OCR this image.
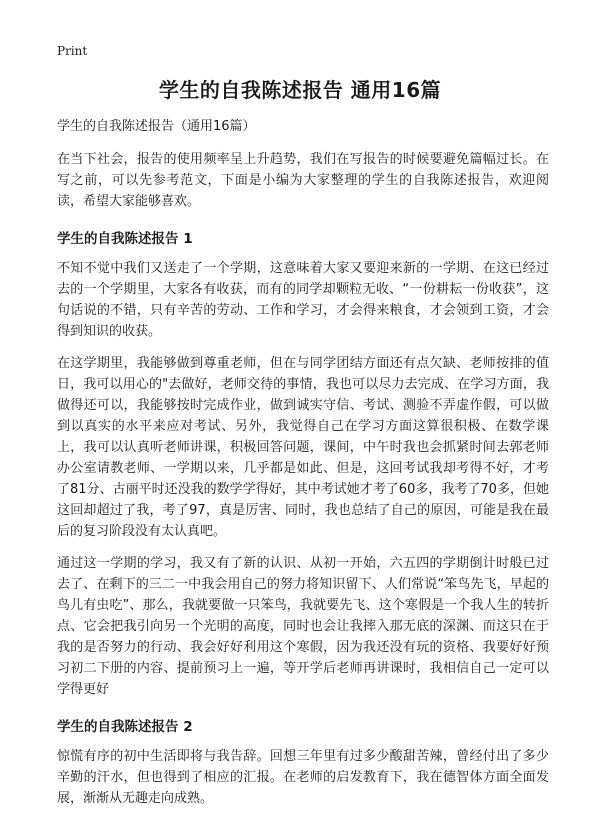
Print
学生的自我陈述报告 通用16篇
学生的自我陈述报告（通用16篇）

在当下社会，报告的使用频率呈上升趋势，我们在写报告的时候要避免篇幅过长。在写之前，可以先参考范文，下面是小编为大家整理的学生的自我陈述报告，欢迎阅读，希望大家能够喜欢。

学生的自我陈述报告 1

不知不觉中我们又送走了一个学期，这意味着大家又要迎来新的一学期、在这已经过去的一个学期里，大家各有收获，而有的同学却颗粒无收、“一份耕耘一份收获”，这句话说的不错，只有辛苦的劳动、工作和学习，才会得来粮食，才会领到工资，才会得到知识的收获。

在这学期里，我能够做到尊重老师，但在与同学团结方面还有点欠缺、老师按排的值日，我可以用心的"去做好，老师交待的事情，我也可以尽力去完成、在学习方面，我做得还可以，我能够按时完成作业，做到诚实守信、考试、测验不弄虚作假，可以做到以真实的水平来应对考试、另外，我觉得自己在学习方面这算很积极、在数学课上，我可以认真听老师讲课，积极回答问题，课间，中午时我也会抓紧时间去郭老师办公室请教老师、一学期以来，几乎都是如此、但是，这回考试我却考得不好，才考了81分、古丽平时还没我的数学学得好，其中考试她才考了60多，我考了70多，但她这回却超过了我，考了97，真是厉害、同时，我也总结了自己的原因，可能是我在最后的复习阶段没有太认真吧。

通过这一学期的学习，我又有了新的认识、从初一开始，六五四的学期倒计时般已过去了、在剩下的三二一中我会用自己的努力将知识留下、人们常说“笨鸟先飞，早起的鸟儿有虫吃”、那么，我就要做一只笨鸟，我就要先飞、这个寒假是一个我人生的转折点、它会把我引向另一个光明的高度，同时也会让我摔入那无底的深渊、而这只在于我的是否努力的行动、我会好好利用这个寒假，因为我还没有玩的资格、我要好好预习初二下册的内容、提前预习上一遍，等开学后老师再讲课时，我相信自己一定可以学得更好

学生的自我陈述报告 2

惊慌有序的初中生活即将与我告辞。回想三年里有过多少酸甜苦辣，曾经付出了多少辛勤的汗水，但也得到了相应的汇报。在老师的启发教育下，我在德智体方面全面发展，渐渐从无趣走向成熟。
